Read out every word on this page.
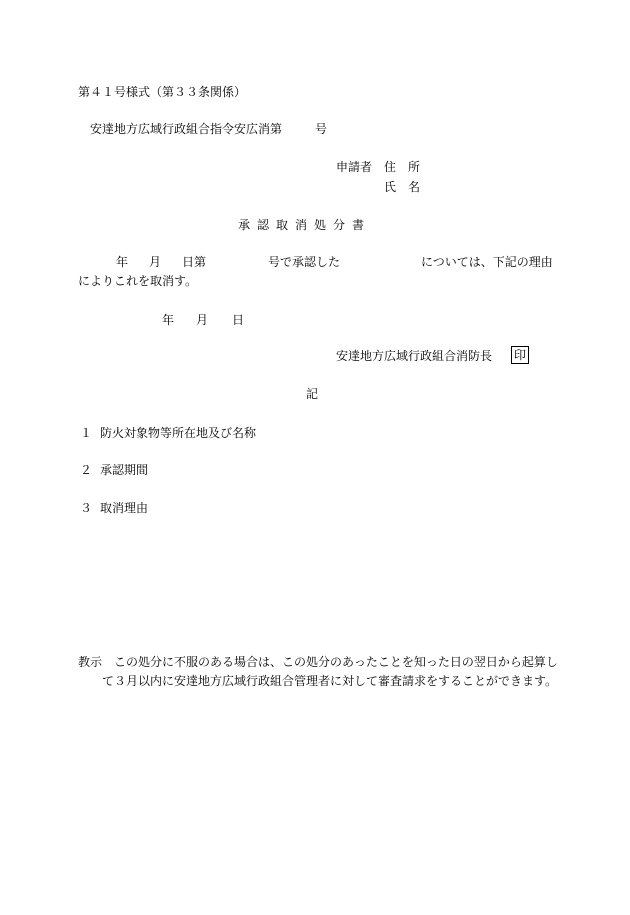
第４１号様式（第３３条関係）
安達地方広域行政組合指令安広消第	号
申請者 住　所
氏　名
承認取消処分書
年 月 日第	号で承認した	については、下記の理由
によりこれを取消す。
年 月 日
安達地方広域行政組合消防長 印
記
１ 防火対象物等所在地及び名称
２ 承認期間
３ 取消理由
教示 この処分に不服のある場合は、この処分のあったことを知った日の翌日から起算し
て３月以内に安達地方広域行政組合管理者に対して審査請求をすることができます。
